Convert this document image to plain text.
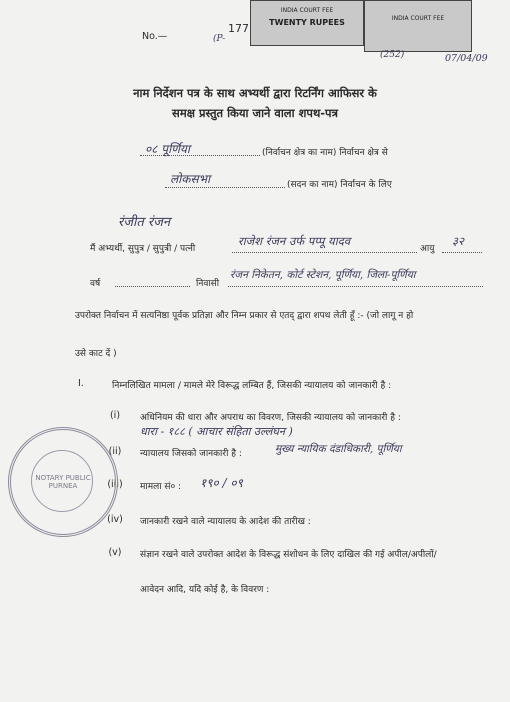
No.—
177
(P-
INDIA COURT FEE
TWENTY RUPEES	INDIA COURT FEE
(252)	07/04/09
नाम निर्देशन पत्र के साथ अभ्यर्थी द्वारा रिटर्निंग आफिसर के
समक्ष प्रस्तुत किया जाने वाला शपथ-पत्र
०८ पूर्णिया	(निर्वाचन क्षेत्र का नाम) निर्वाचन क्षेत्र से
लोकसभा	(सदन का नाम) निर्वाचन के लिए
रंजीत रंजन
मैं अभ्यर्थी, सुपुत्र / सुपुत्री / पत्नी
राजेश रंजन उर्फ पप्पू यादव
आयु
३२
वर्ष	निवासी
रंजन निकेतन, कोर्ट स्टेशन, पूर्णिया, जिला-पूर्णिया
उपरोक्त निर्वाचन में सत्यनिष्ठा पूर्वक प्रतिज्ञा और निम्न प्रकार से एतद् द्वारा शपथ लेती हूँ :- (जो लागू न हो
उसे काट दें )
I.	निम्नलिखित मामला / मामले मेरे विरूद्ध लम्बित हैं, जिसकी न्यायालय को जानकारी है :
(i)	अधिनियम की धारा और अपराध का विवरण, जिसकी न्यायालय को जानकारी है :
धारा - १८८ ( आचार संहिता उल्लंघन )
(ii)	न्यायालय जिसको जानकारी है :	मुख्य न्यायिक दंडाधिकारी, पूर्णिया
(iii)	मामला सं० : १९० / ०९
(iv)	जानकारी रखने वाले न्यायालय के आदेश की तारीख :
(v)	संज्ञान रखने वाले उपरोक्त आदेश के विरूद्ध संशोधन के लिए दाखिल की गई अपील/अपीलों/
आवेदन आदि, यदि कोई है, के विवरण :
NOTARY PUBLIC PURNEA
